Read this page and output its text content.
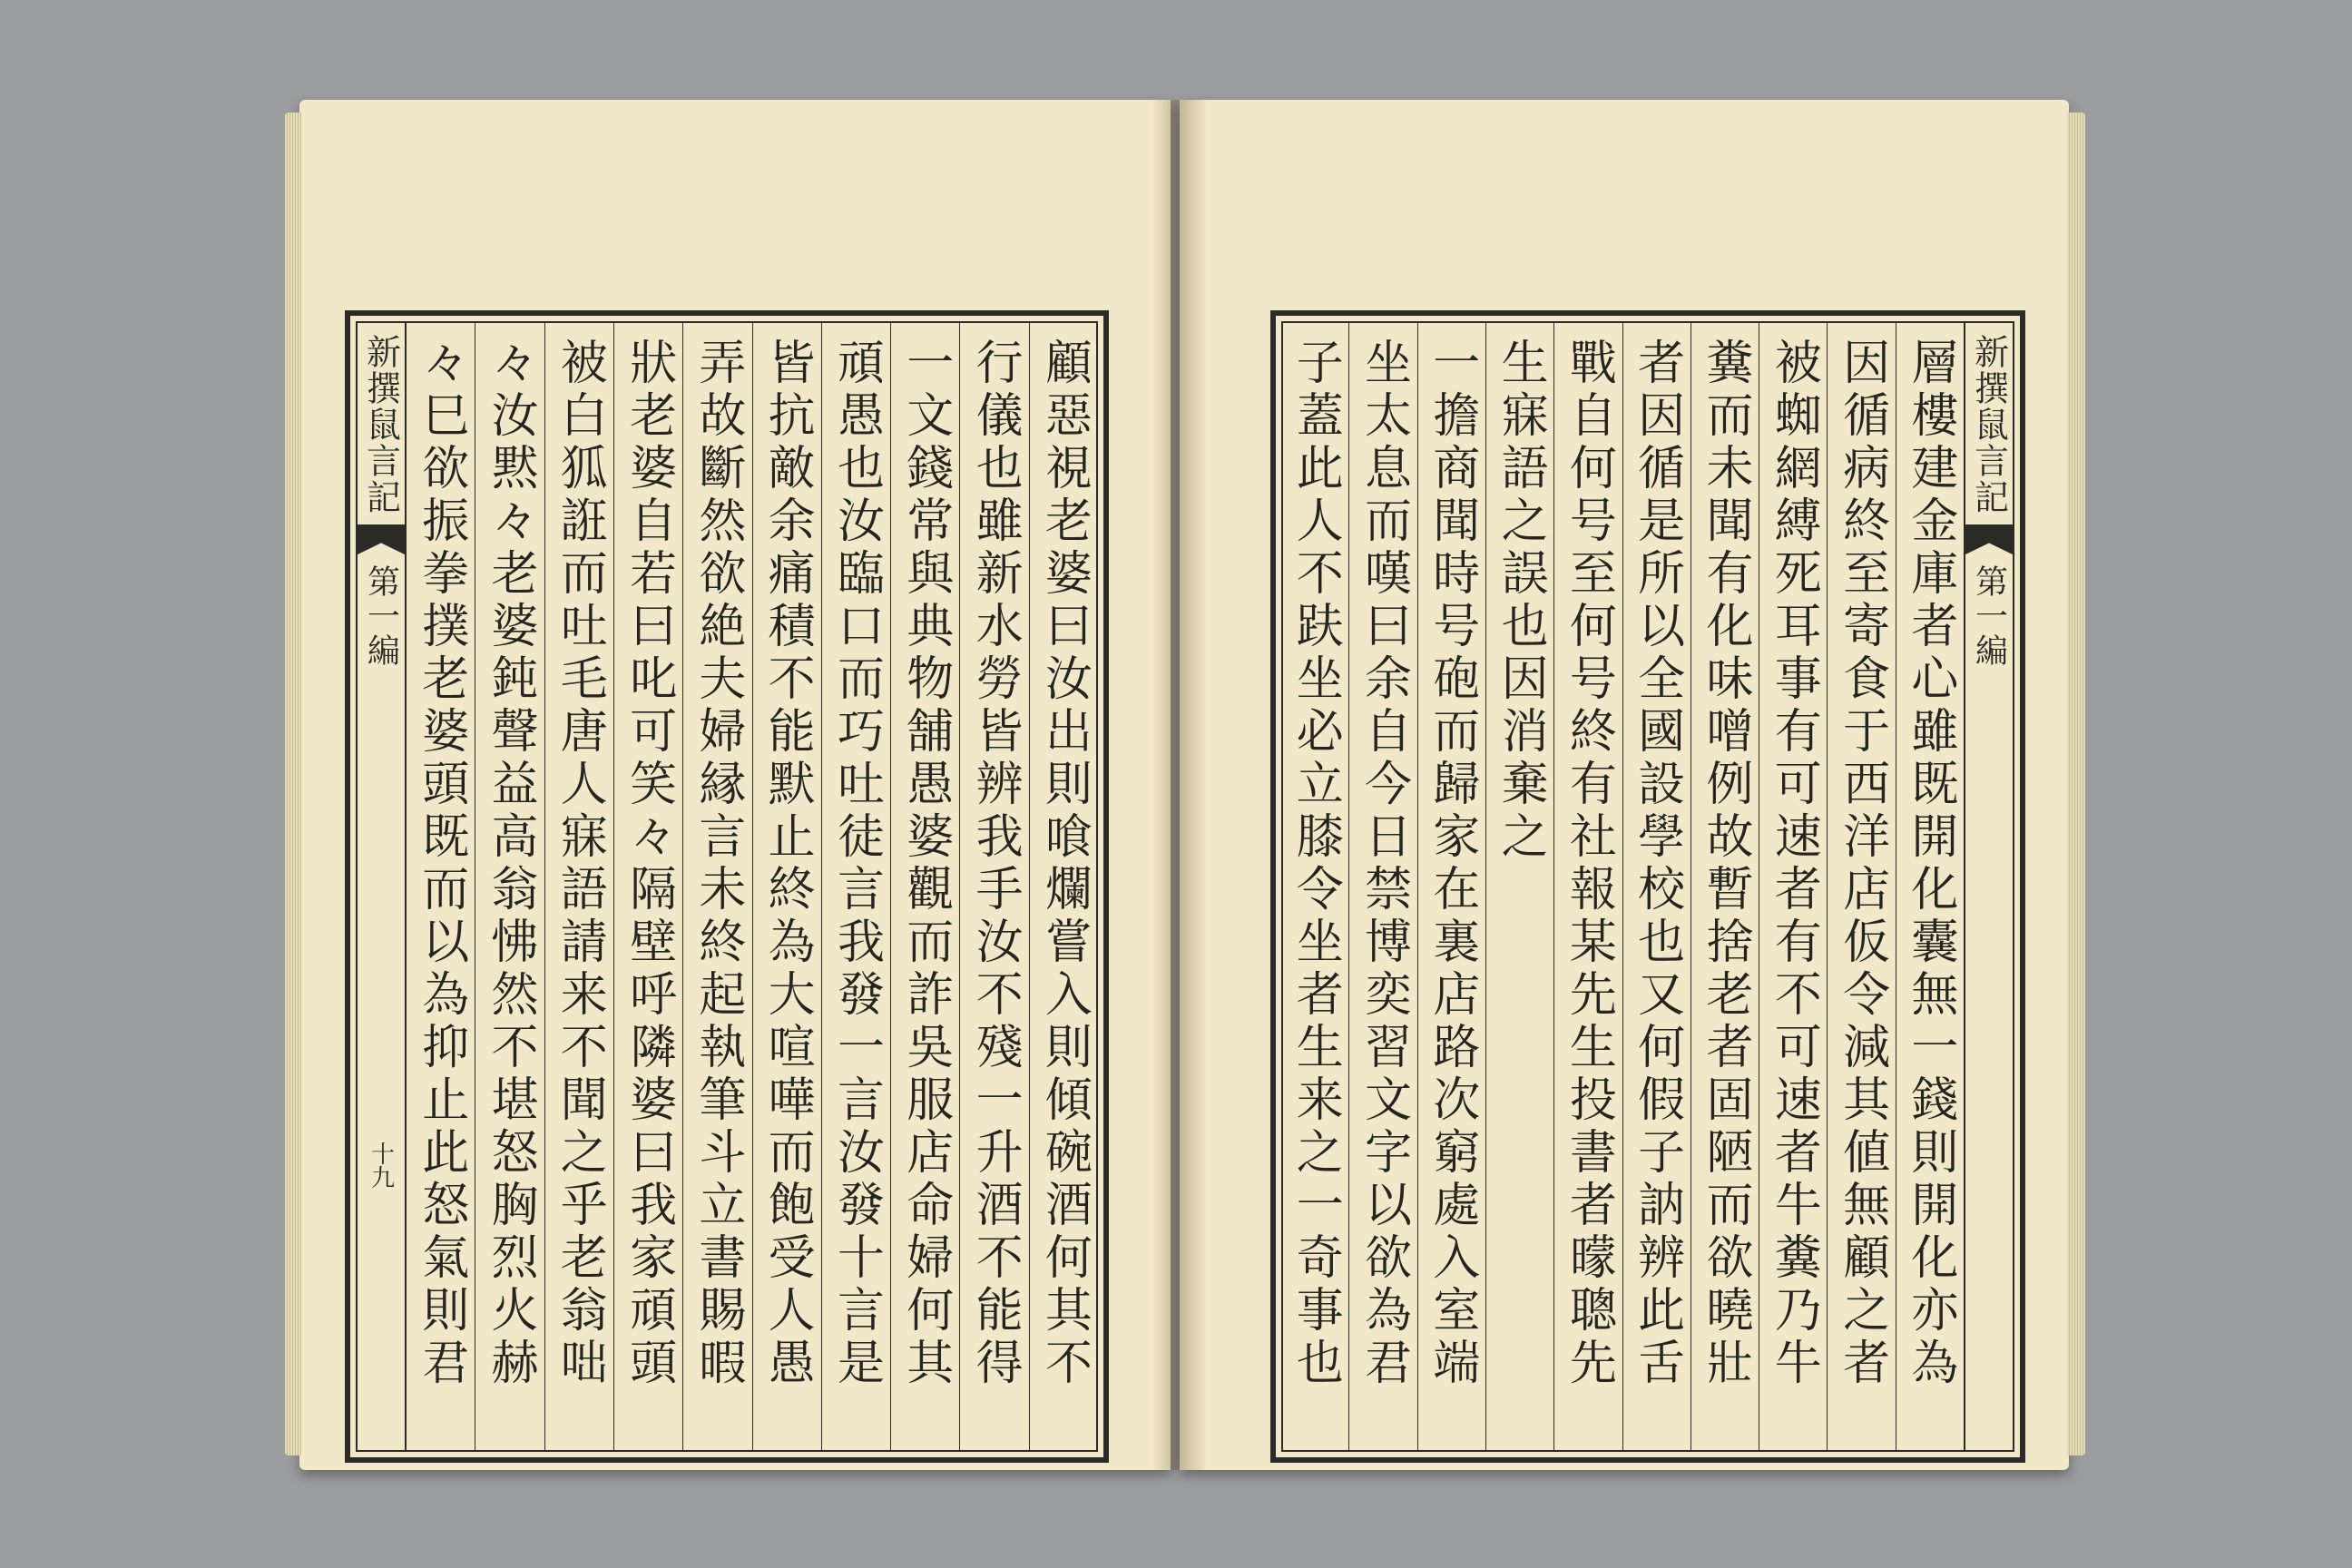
新撰鼠言記
第一編
十九	顧惡視老婆曰汝出則喰爛嘗入則傾碗酒何其不
行儀也雖新水勞皆辨我手汝不殘一升酒不能得
一文錢常與典物舗愚婆觀而詐吳服店命婦何其
頑愚也汝臨口而巧吐徒言我發一言汝發十言是
皆抗敵余痛積不能默止終為大喧嘩而飽受人愚
弄故斷然欲絶夫婦縁言未終起執筆斗立書賜暇
狀老婆自若曰叱可笑々隔壁呼隣婆曰我家頑頭
被白狐誑而吐毛唐人寐語請来不聞之乎老翁咄
々汝黙々老婆鈍聲益高翁怫然不堪怒胸烈火赫
々巳欲振拳撲老婆頭既而以為抑止此怒氣則君	新撰鼠言記
第一編
層樓建金庫者心雖既開化囊無一錢則開化亦為
因循病終至寄食于西洋店仮令減其値無顧之者
被蜘網縛死耳事有可速者有不可速者牛糞乃牛
糞而未聞有化味噌例故暫捨老者固陋而欲曉壯
者因循是所以全國設學校也又何假子訥辨此舌
戰自何号至何号終有社報某先生投書者曚聰先
生寐語之誤也因消棄之
一擔商聞時号砲而歸家在裏店路次窮處入室端
坐太息而嘆曰余自今日禁博奕習文字以欲為君
子蓋此人不趺坐必立膝令坐者生来之一奇事也
